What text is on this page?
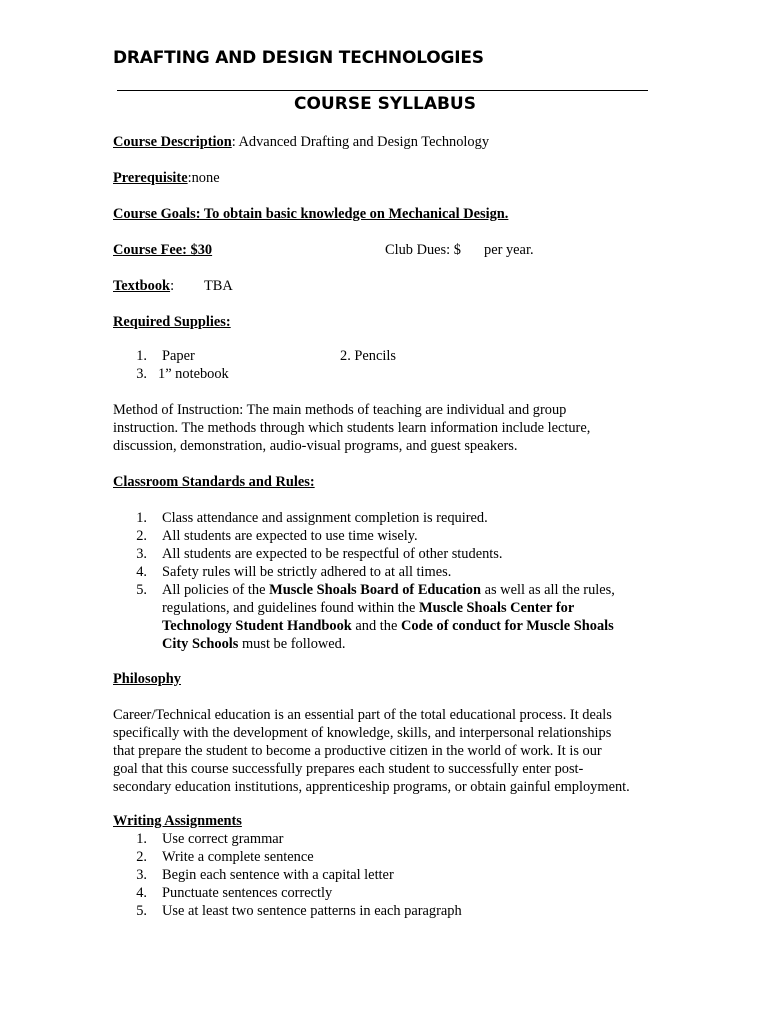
DRAFTING AND DESIGN TECHNOLOGIES
COURSE SYLLABUS
Course Description: Advanced Drafting and Design Technology
Prerequisite:none
Course Goals: To obtain basic knowledge on Mechanical Design.
Course Fee: $30	Club Dues: $ per year.
Textbook: TBA
Required Supplies:
1. Paper	2. Pencils
3. 1” notebook
Method of Instruction: The main methods of teaching are individual and group
instruction. The methods through which students learn information include lecture,
discussion, demonstration, audio-visual programs, and guest speakers.
Classroom Standards and Rules:
1. Class attendance and assignment completion is required.
2. All students are expected to use time wisely.
3. All students are expected to be respectful of other students.
4. Safety rules will be strictly adhered to at all times.
5. All policies of the Muscle Shoals Board of Education as well as all the rules,
regulations, and guidelines found within the Muscle Shoals Center for
Technology Student Handbook and the Code of conduct for Muscle Shoals
City Schools must be followed.
Philosophy
Career/Technical education is an essential part of the total educational process. It deals
specifically with the development of knowledge, skills, and interpersonal relationships
that prepare the student to become a productive citizen in the world of work. It is our
goal that this course successfully prepares each student to successfully enter post-
secondary education institutions, apprenticeship programs, or obtain gainful employment.
Writing Assignments
1. Use correct grammar
2. Write a complete sentence
3. Begin each sentence with a capital letter
4. Punctuate sentences correctly
5. Use at least two sentence patterns in each paragraph
